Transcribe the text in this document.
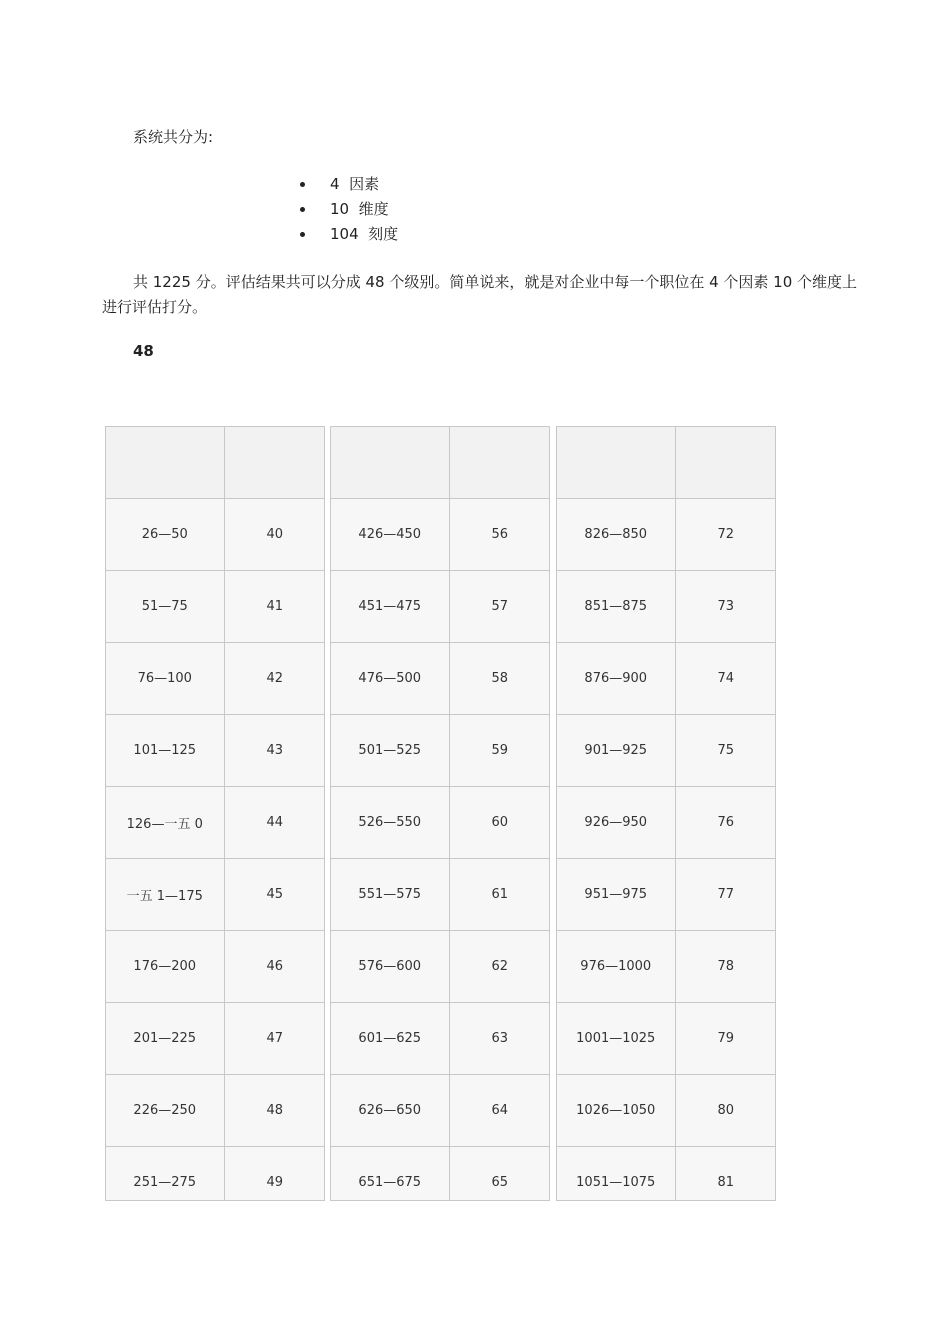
系统共分为:

4  因素
10  维度
104  刻度

共 1225 分。评估结果共可以分成 48 个级别。简单说来，就是对企业中每一个职位在 4 个因素 10 个维度上进行评估打分。

48

26—50	40
51—75	41
76—100	42
101—125	43
126—一五 0	44
一五 1—175	45
176—200	46
201—225	47
226—250	48
251—275	49

426—450	56
451—475	57
476—500	58
501—525	59
526—550	60
551—575	61
576—600	62
601—625	63
626—650	64
651—675	65

826—850	72
851—875	73
876—900	74
901—925	75
926—950	76
951—975	77
976—1000	78
1001—1025	79
1026—1050	80
1051—1075	81
